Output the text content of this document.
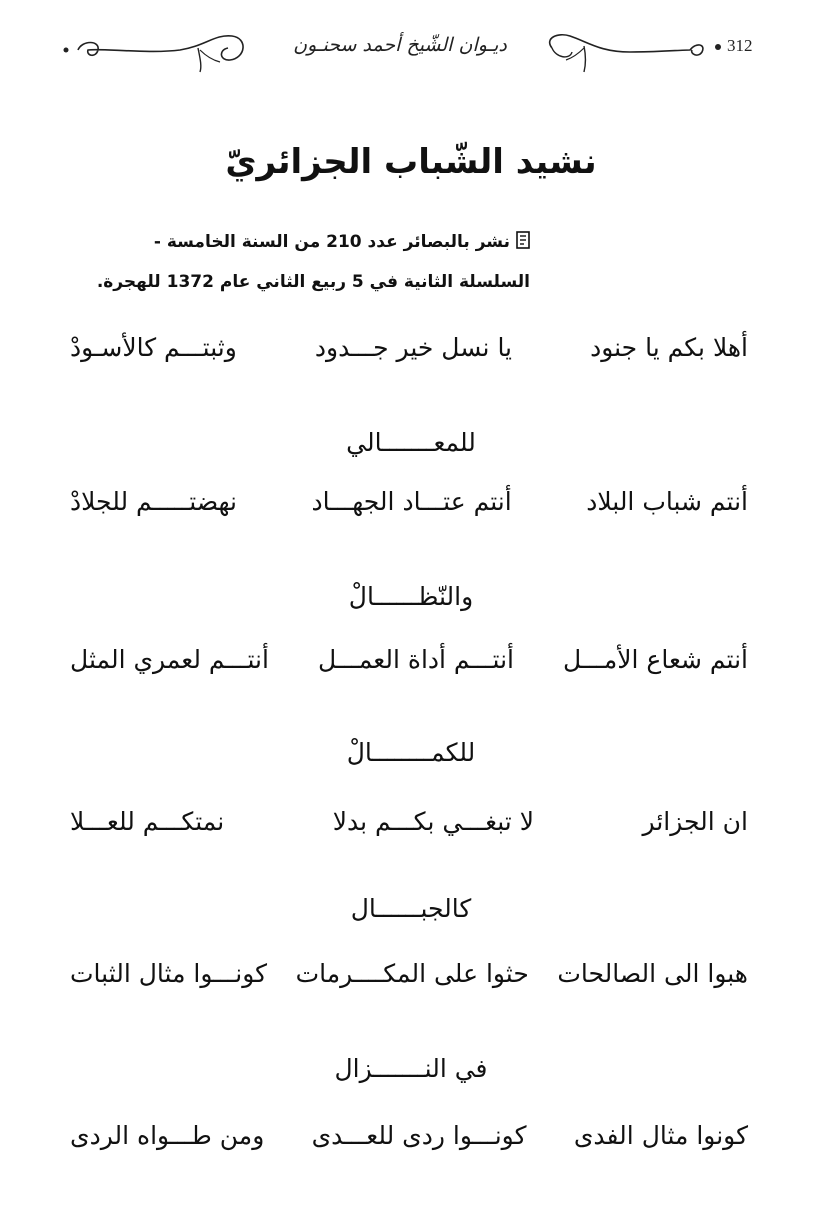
ديـوان الشّيخ أحمد سحنـون	312
نشيد الشّباب الجزائريّ
نشر بالبصائر عدد 210 من السنة الخامسة -
السلسلة الثانية في 5 ربيع الثاني عام 1372 للهجرة.
أهلا بكم يا جنود
يا نسل خير جـــدود
وثبتـــم كالأسـودْ
للمعـــــــالي
أنتم شباب البلاد
أنتم عتـــاد الجهـــاد
نهضتـــــم للجلادْ
والنّظــــــالْ
أنتم شعاع الأمـــل
أنتـــم أداة العمـــل
أنتـــم لعمري المثل
للكمــــــــالْ
ان الجزائر
لا تبغـــي بكـــم بدلا
نمتكـــم للعـــلا
كالجبــــــال
هبوا الى الصالحات
حثوا على المكــــرمات
كونـــوا مثال الثبات
في النـــــــزال
كونوا مثال الفدى
كونـــوا ردى للعـــدى
ومن طـــواه الردى
